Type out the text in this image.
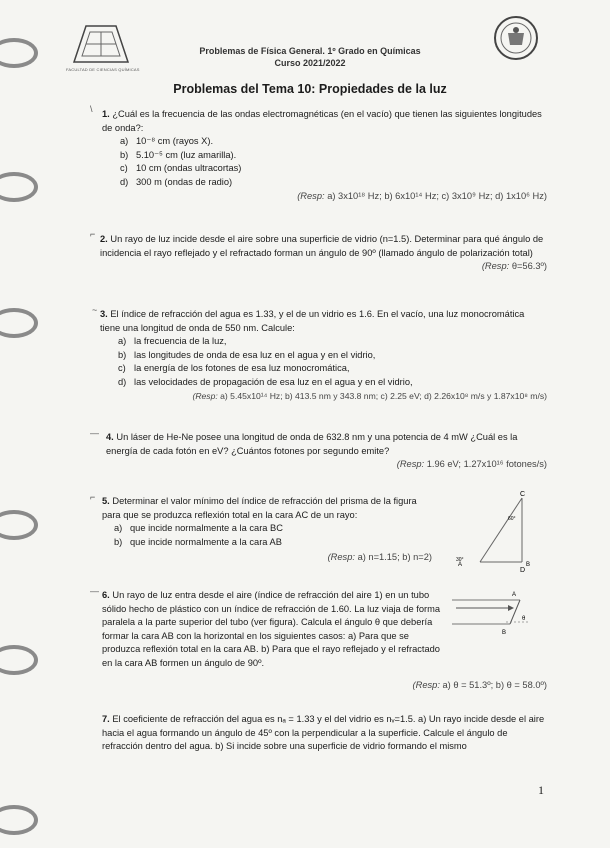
FACULTAD DE CIENCIAS QUÍMICAS
Problemas de Física General. 1º Grado en Químicas
Curso 2021/2022
Problemas del Tema 10: Propiedades de la luz
\ 1. ¿Cuál es la frecuencia de las ondas electromagnéticas (en el vacío) que tienen las siguientes longitudes de onda?:
a) 10⁻⁸ cm (rayos X).
b) 5.10⁻⁵ cm (luz amarilla).
c) 10 cm (ondas ultracortas)
d) 300 m (ondas de radio)
(Resp: a) 3x10¹⁸ Hz; b) 6x10¹⁴ Hz; c) 3x10⁹ Hz; d) 1x10⁶ Hz)
⌐ 2. Un rayo de luz incide desde el aire sobre una superficie de vidrio (n=1.5). Determinar para qué ángulo de incidencia el rayo reflejado y el refractado forman un ángulo de 90º (llamado ángulo de polarización total)
(Resp: θ=56.3º)
~ 3. El índice de refracción del agua es 1.33, y el de un vidrio es 1.6. En el vacío, una luz monocromática tiene una longitud de onda de 550 nm. Calcule:
a) la frecuencia de la luz,
b) las longitudes de onda de esa luz en el agua y en el vidrio,
c) la energía de los fotones de esa luz monocromática,
d) las velocidades de propagación de esa luz en el agua y en el vidrio,
(Resp: a) 5.45x10¹⁴ Hz; b) 413.5 nm y 343.8 nm; c) 2.25 eV; d) 2.26x10⁸ m/s y 1.87x10⁸ m/s)
— 4. Un láser de He-Ne posee una longitud de onda de 632.8 nm y una potencia de 4 mW ¿Cuál es la energía de cada fotón en eV? ¿Cuántos fotones por segundo emite?
(Resp: 1.96 eV; 1.27x10¹⁶ fotones/s)
⌐ 5. Determinar el valor mínimo del índice de refracción del prisma de la figura para que se produzca reflexión total en la cara AC de un rayo:
a) que incide normalmente a la cara BC
b) que incide normalmente a la cara AB
(Resp: a) n=1.15; b) n=2)
C
60°
A
30°
D
B
— 6. Un rayo de luz entra desde el aire (índice de refracción del aire 1) en un tubo sólido hecho de plástico con un índice de refracción de 1.60. La luz viaja de forma paralela a la parte superior del tubo (ver figura). Calcula el ángulo θ que debería formar la cara AB con la horizontal en los siguientes casos: a) Para que se produzca reflexión total en la cara AB. b) Para que el rayo reflejado y el refractado en la cara AB formen un ángulo de 90º.
(Resp: a) θ = 51.3º; b) θ = 58.0º)
A
B
θ
7. El coeficiente de refracción del agua es nₐ = 1.33 y el del vidrio es nᵥ=1.5. a) Un rayo incide desde el aire hacia el agua formando un ángulo de 45º con la perpendicular a la superficie. Calcule el ángulo de refracción dentro del agua. b) Si incide sobre una superficie de vidrio formando el mismo
1
